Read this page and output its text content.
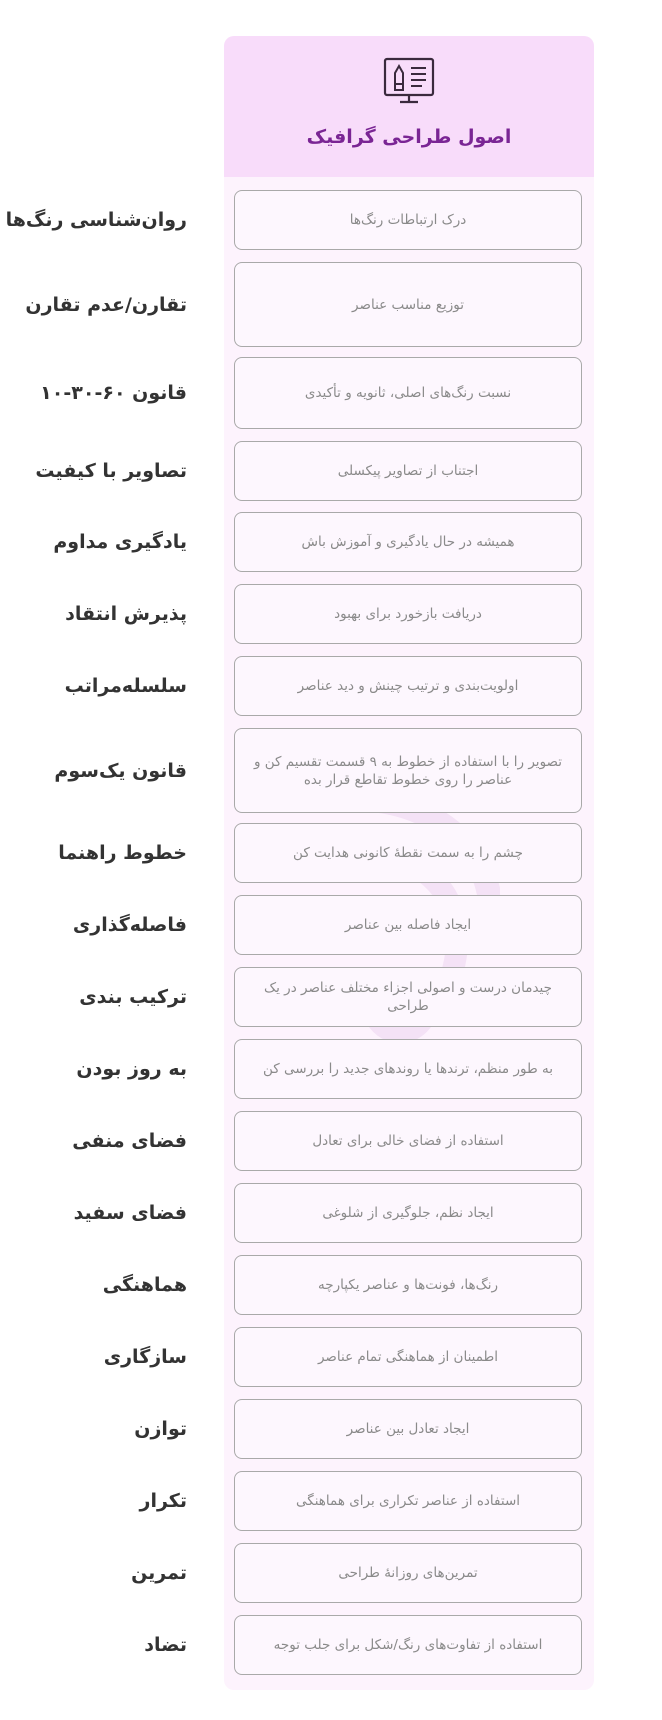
اصول طراحی گرافیک
درک ارتباطات رنگ‌ها
روان‌شناسی رنگ‌ها
توزیع مناسب عناصر
تقارن/عدم تقارن
نسبت رنگ‌های اصلی، ثانویه و تأکیدی
قانون ۶۰-۳۰-۱۰
اجتناب از تصاویر پیکسلی
تصاویر با کیفیت
همیشه در حال یادگیری و آموزش باش
یادگیری مداوم
دریافت بازخورد برای بهبود
پذیرش انتقاد
اولویت‌بندی و ترتیب چینش و دید عناصر
سلسله‌مراتب
تصویر را با استفاده از خطوط به ۹ قسمت تقسیم کن و عناصر را روی خطوط تقاطع قرار بده
قانون یک‌سوم
چشم را به سمت نقطهٔ کانونی هدایت کن
خطوط راهنما
ایجاد فاصله بین عناصر
فاصله‌گذاری
چیدمان درست و اصولی اجزاء مختلف عناصر در یک طراحی
ترکیب بندی
به طور منظم، ترندها یا روندهای جدید را بررسی کن
به روز بودن
استفاده از فضای خالی برای تعادل
فضای منفی
ایجاد نظم، جلوگیری از شلوغی
فضای سفید
رنگ‌ها، فونت‌ها و عناصر یکپارچه
هماهنگی
اطمینان از هماهنگی تمام عناصر
سازگاری
ایجاد تعادل بین عناصر
توازن
استفاده از عناصر تکراری برای هماهنگی
تکرار
تمرین‌های روزانهٔ طراحی
تمرین
استفاده از تفاوت‌های رنگ/شکل برای جلب توجه
تضاد
